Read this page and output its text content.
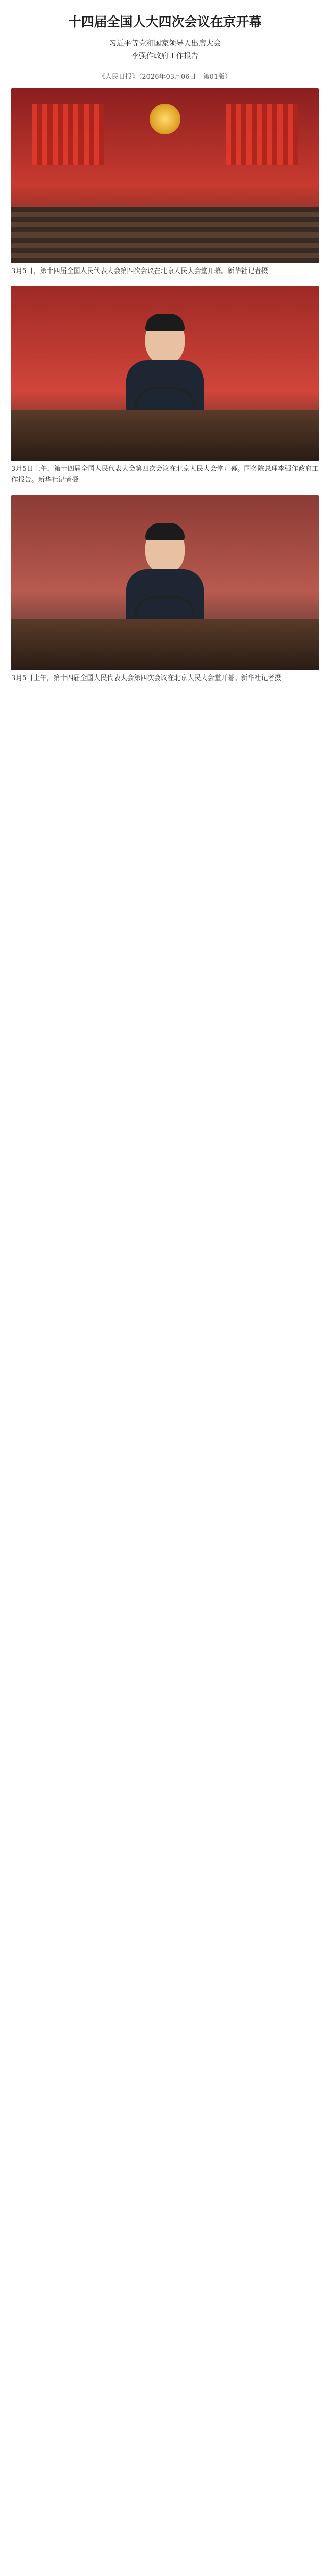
十四届全国人大四次会议在京开幕

习近平等党和国家领导人出席大会

李强作政府工作报告

《人民日报》（2026年03月06日　第01版）

3月5日，第十四届全国人民代表大会第四次会议在北京人民大会堂开幕。新华社记者摄

3月5日上午，第十四届全国人民代表大会第四次会议在北京人民大会堂开幕。国务院总理李强作政府工作报告。新华社记者摄

3月5日上午，第十四届全国人民代表大会第四次会议在北京人民大会堂开幕。新华社记者摄
